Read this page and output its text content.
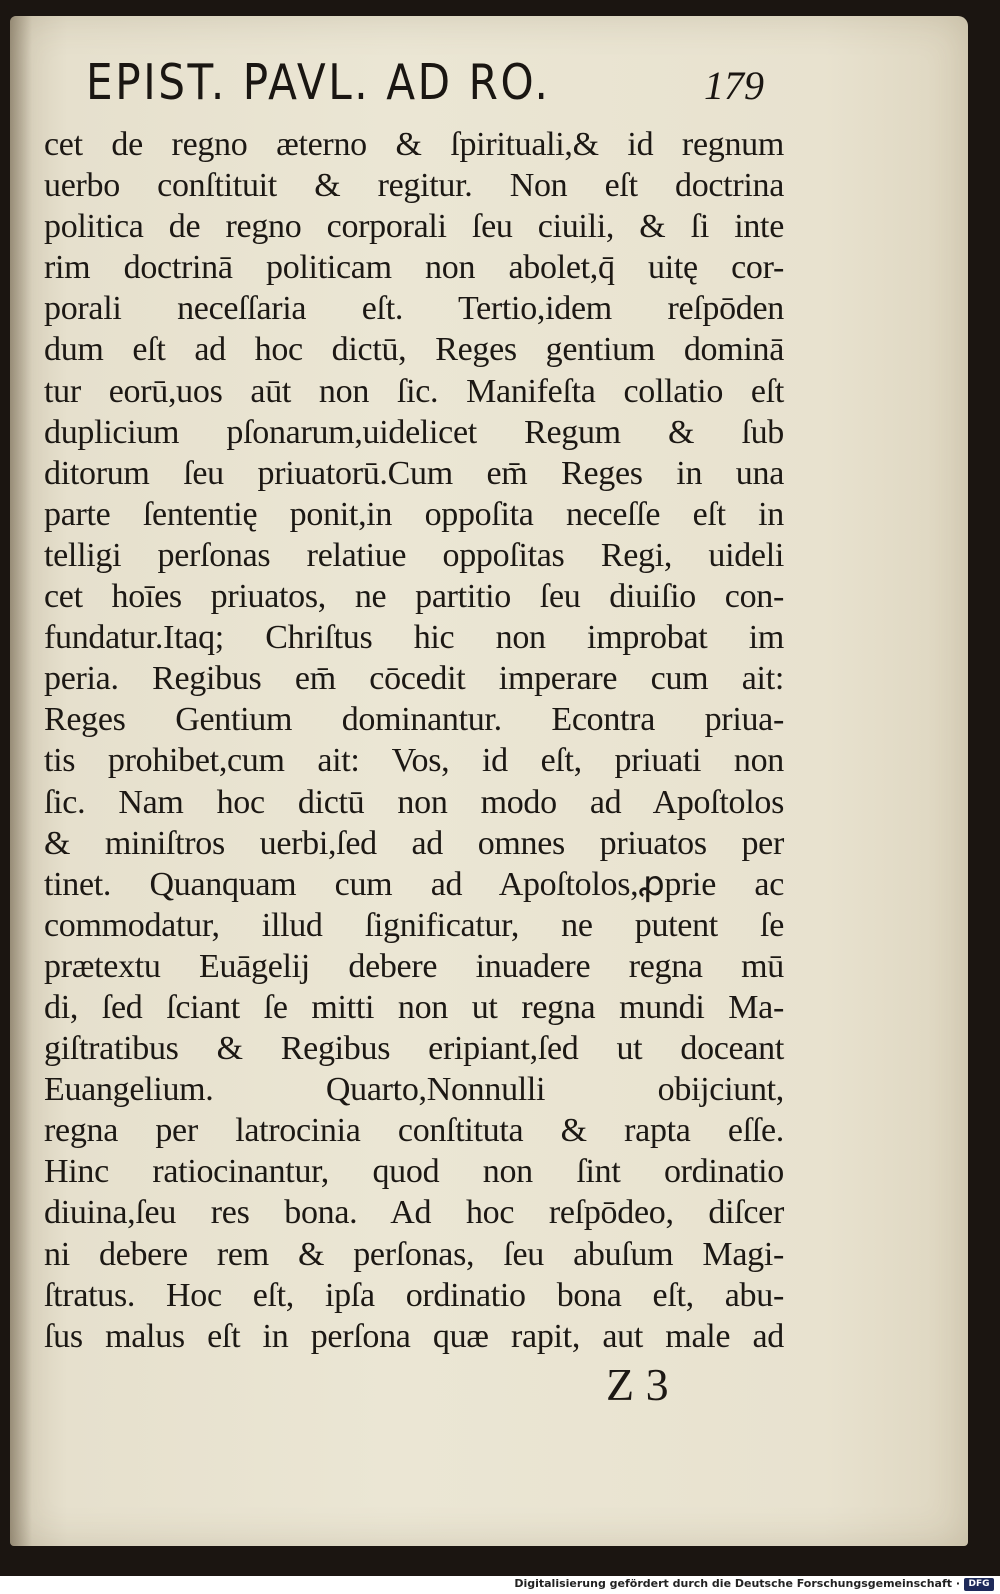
EPIST. PAVL. AD RO.	179
cet de regno æterno & ſpirituali,& id regnum
uerbo conſtituit & regitur. Non eſt doctrina
politica de regno corporali ſeu ciuili, & ſi inte
rim doctrinā politicam non abolet,q̄ uitę cor-
porali neceſſaria eſt. Tertio,idem reſpōden
dum eſt ad hoc dictū, Reges gentium dominā
tur eorū,uos aūt non ſic. Manifeſta collatio eſt
duplicium pſonarum,uidelicet Regum & ſub
ditorum ſeu priuatorū.Cum em̄ Reges in una
parte ſententię ponit,in oppoſita neceſſe eſt in
telligi perſonas relatiue oppoſitas Regi, uideli
cet hoīes priuatos, ne partitio ſeu diuiſio con-
fundatur.Itaq; Chriſtus hic non improbat im
peria. Regibus em̄ cōcedit imperare cum ait:
Reges Gentium dominantur. Econtra priua-
tis prohibet,cum ait: Vos, id eſt, priuati non
ſic. Nam hoc dictū non modo ad Apoſtolos
& miniſtros uerbi,ſed ad omnes priuatos per
tinet. Quanquam cum ad Apoſtolos,ꝓprie ac
commodatur, illud ſignificatur, ne putent ſe
prætextu Euāgelij debere inuadere regna mū
di, ſed ſciant ſe mitti non ut regna mundi Ma-
giſtratibus & Regibus eripiant,ſed ut doceant
Euangelium. Quarto,Nonnulli obijciunt,
regna per latrocinia conſtituta & rapta eſſe.
Hinc ratiocinantur, quod non ſint ordinatio
diuina,ſeu res bona. Ad hoc reſpōdeo, diſcer
ni debere rem & perſonas, ſeu abuſum Magi-
ſtratus. Hoc eſt, ipſa ordinatio bona eſt, abu-
ſus malus eſt in perſona quæ rapit, aut male ad
Z 3
Digitalisierung gefördert durch die Deutsche Forschungsgemeinschaft · DFG
